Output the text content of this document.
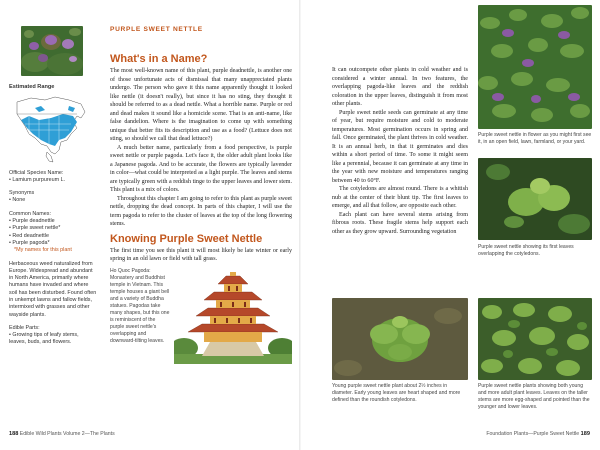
Estimated Range
Official Species Name:
• Lamium purpureum L.
Synonyms
• None
Common Names:
• Purple deadnettle
• Purple sweet nettle*
• Red deadnettle
• Purple pagoda*
*My names for this plant
Herbaceous weed naturalized from Europe. Widespread and abundant in North America, primarily where humans have invaded and where soil has been disturbed. Found often in unkempt lawns and fallow fields, intermixed with grasses and other wayside plants.
Edible Parts:
• Growing tips of leafy stems, leaves, buds, and flowers.
PURPLE SWEET NETTLE
What's in a Name?

The most well-known name of this plant, purple deadnettle, is another one of those unfortunate acts of dismissal that many unappreciated plants undergo. The person who gave it this name apparently thought it looked like nettle (it doesn't really), but since it has no sting, they thought it should be referred to as a dead nettle. What a horrible name. Purple or red and dead makes it sound like a homicide scene. That is an anti-name, like false dandelion. Where is the imagination to come up with something unique that better fits its description and use as a food? (Lettuce does not sting, so should we call that dead lettuce?)

A much better name, particularly from a food perspective, is purple sweet nettle or purple pagoda. Let's face it, the older adult plant looks like a Japanese pagoda. And to be accurate, the flowers are typically lavender in color—what could be interpreted as a light purple. The leaves and stems are typically green with a reddish tinge to the upper leaves and lower stem. This plant is a mix of colors.

Throughout this chapter I am going to refer to this plant as purple sweet nettle, dropping the dead concept. In parts of this chapter, I will use the term pagoda to refer to the cluster of leaves at the top of the long flowering stems.

Knowing Purple Sweet Nettle

The first time you see this plant it will most likely be late winter or early spring in an old lawn or field with tall grass.

Ho Quoc Pagoda: Monastery and Buddhist temple in Vietnam. This temple houses a giant bell and a variety of Buddha statues. Pagodas take many shapes, but this one is reminiscent of the purple sweet nettle's overlapping and downward-tilting leaves.
188 Edible Wild Plants Volume 2—The Plants

It can outcompete other plants in cold weather and is considered a winter annual. In two features, the overlapping pagoda-like leaves and the reddish coloration in the upper leaves, distinguish it from most other plants.

Purple sweet nettle seeds can germinate at any time of year, but require moisture and cold to moderate temperatures. Most germination occurs in spring and fall. Once germinated, the plant thrives in cold weather. It is an annual herb, in that it germinates and dies within a short period of time. To some it might seem like a perennial, because it can germinate at any time in the year with new moisture and temperatures ranging between 40 to 60°F.

The cotyledons are almost round. There is a whitish nub at the center of their blunt tip. The first leaves to emerge, and all that follow, are opposite each other.

Each plant can have several stems arising from fibrous roots. These fragile stems help support each other as they grow upward. Surrounding vegetation

Purple sweet nettle in flower as you might first see it, in an open field, lawn, farmland, or your yard.
Purple sweet nettle showing its first leaves overlapping the cotyledons.
Young purple sweet nettle plant about 2½ inches in diameter. Early young leaves are heart shaped and more defined than the roundish cotyledons.
Purple sweet nettle plants showing both young and more adult plant leaves. Leaves on the taller stems are more egg-shaped and pointed than the younger and lower leaves.
Foundation Plants—Purple Sweet Nettle 189
